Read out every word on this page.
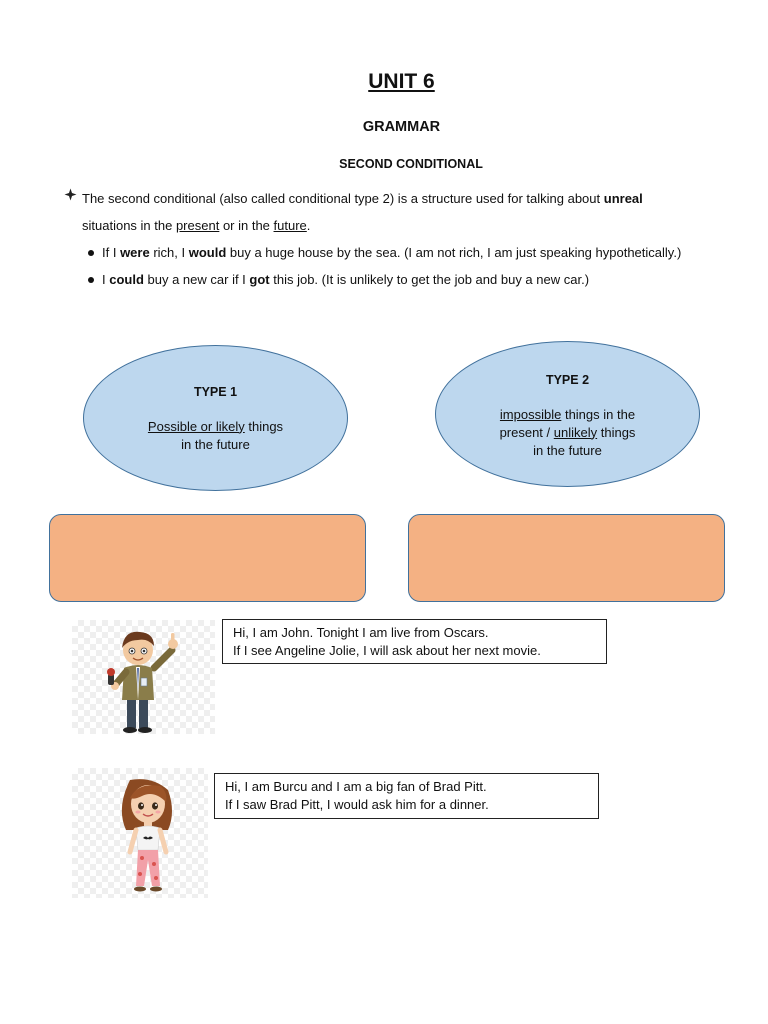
UNIT 6
GRAMMAR
SECOND CONDITIONAL
The second conditional (also called conditional type 2) is a structure used for talking about unreal
situations in the present or in the future.
If I were rich, I would buy a huge house by the sea. (I am not rich, I am just speaking hypothetically.)
I could buy a new car if I got this job. (It is unlikely to get the job and buy a new car.)
TYPE 1
Possible or likely things
in the future
TYPE 2
impossible things in the
present / unlikely things
in the future
Hi, I am John. Tonight I am live from Oscars.
If I see Angeline Jolie, I will ask about her next movie.
Hi, I am Burcu and I am a big fan of Brad Pitt.
If I saw Brad Pitt, I would ask him for a dinner.
